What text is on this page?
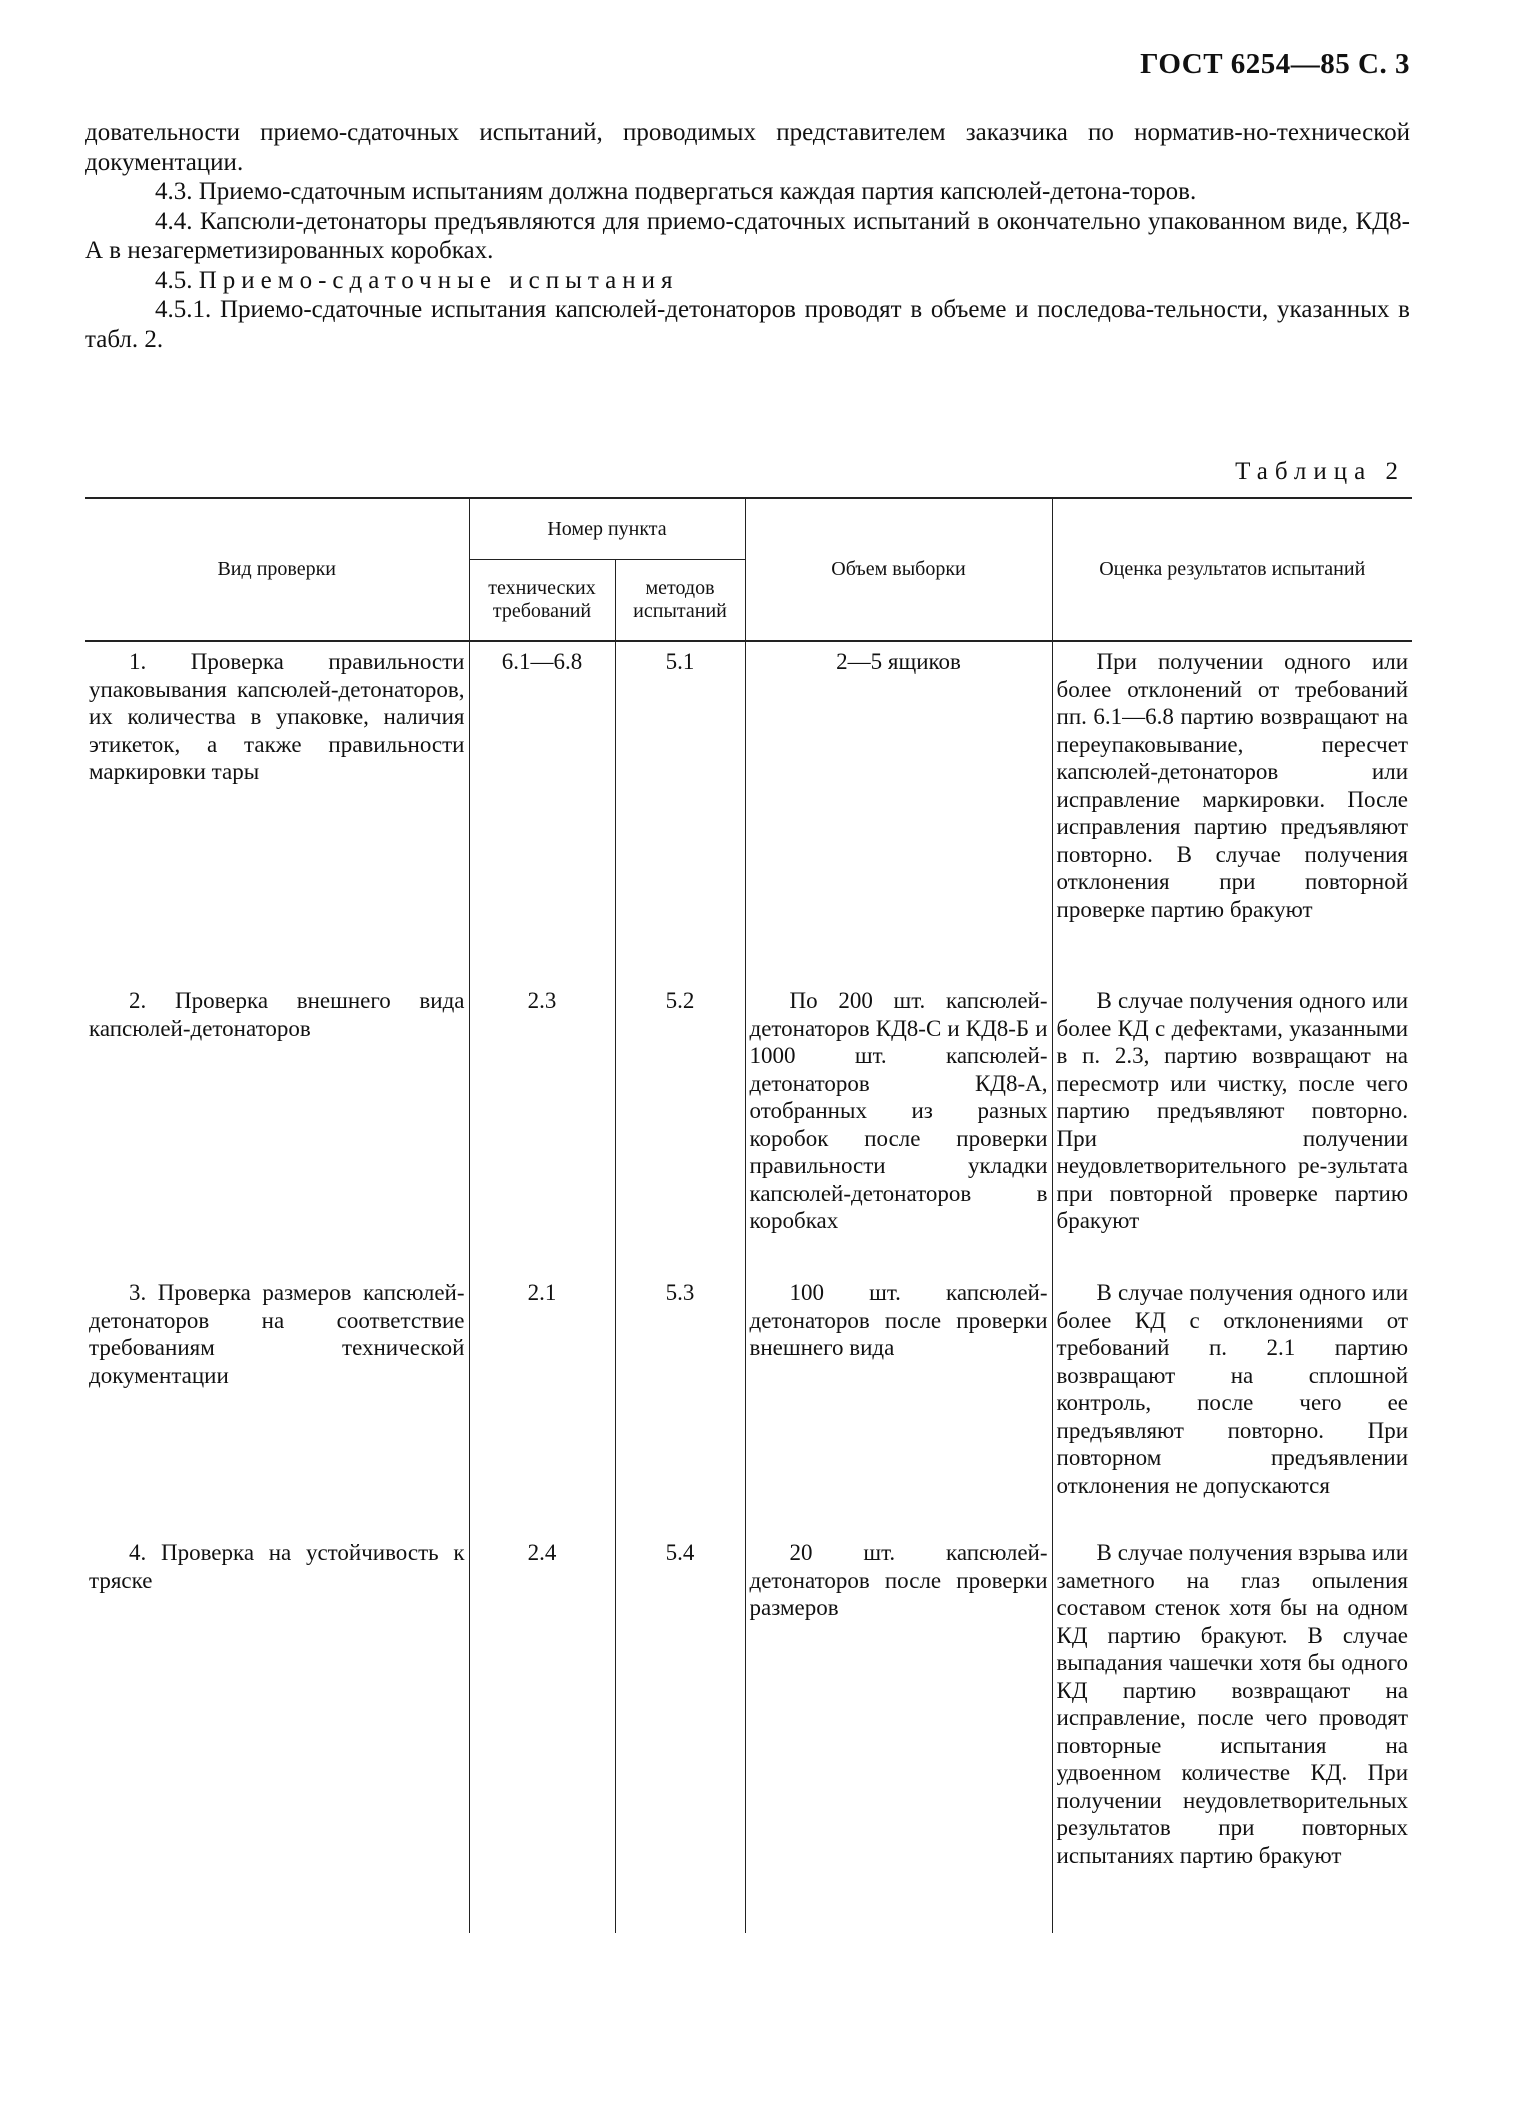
ГОСТ 6254—85 С. 3

довательности приемо-сдаточных испытаний, проводимых представителем заказчика по норматив-но-технической документации.

4.3. Приемо-сдаточным испытаниям должна подвергаться каждая партия капсюлей-детона-торов.

4.4. Капсюли-детонаторы предъявляются для приемо-сдаточных испытаний в окончательно упакованном виде, КД8-А в незагерметизированных коробках.

4.5. Приемо-сдаточные испытания

4.5.1. Приемо-сдаточные испытания капсюлей-детонаторов проводят в объеме и последова-тельности, указанных в табл. 2.

Таблица 2
Вид проверки	Номер пункта		Объем выборки	Оценка результатов испытаний
	технических требований	методов испытаний		
1. Проверка правильности упаковывания капсюлей-детонаторов, их количества в упаковке, наличия этикеток, а также правильности маркировки тары	6.1—6.8	5.1	2—5 ящиков	При получении одного или более отклонений от требований пп. 6.1—6.8 партию возвращают на переупаковывание, пересчет капсюлей-детонаторов или исправление маркировки. После исправления партию предъявляют повторно. В случае получения отклонения при повторной проверке партию бракуют
2. Проверка внешнего вида капсюлей-детонаторов	2.3	5.2	По 200 шт. капсюлей-детонаторов КД8-С и КД8-Б и 1000 шт. капсюлей-детонаторов КД8-А, отобранных из разных коробок после проверки правильности укладки капсюлей-детонаторов в коробках	В случае получения одного или более КД с дефектами, указанными в п. 2.3, партию возвращают на пересмотр или чистку, после чего партию предъявляют повторно. При получении неудовлетворительного ре-зультата при повторной проверке партию бракуют
3. Проверка размеров капсюлей-детонаторов на соответствие требованиям технической документации	2.1	5.3	100 шт. капсюлей-детонаторов после проверки внешнего вида	В случае получения одного или более КД с отклонениями от требований п. 2.1 партию возвращают на сплошной контроль, после чего ее предъявляют повторно. При повторном предъявлении отклонения не допускаются
4. Проверка на устойчивость к тряске	2.4	5.4	20 шт. капсюлей-детонаторов после проверки размеров	В случае получения взрыва или заметного на глаз опыления составом стенок хотя бы на одном КД партию бракуют. В случае выпадания чашечки хотя бы одного КД партию возвращают на исправление, после чего проводят повторные испытания на удвоенном количестве КД. При получении неудовлетворительных результатов при повторных испытаниях партию бракуют
